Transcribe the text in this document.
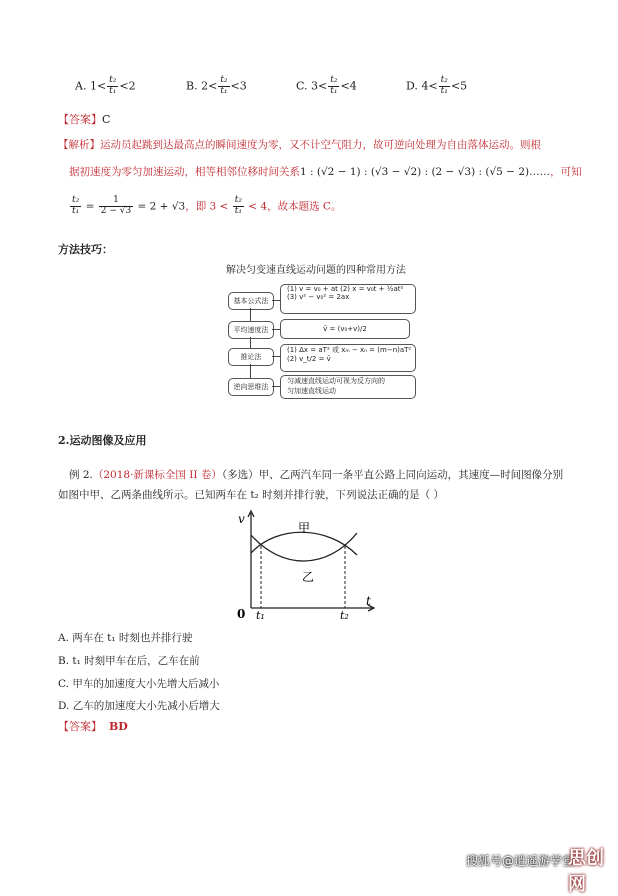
A. $1< \frac{\text{t₂}}{\text{t₁}} <2$	B. $2< \frac{\text{t₂}}{\text{t₁}} <3$	C. $3< \frac{\text{t₂}}{\text{t₁}} <4$	D. $4< \frac{\text{t₂}}{\text{t₁}} <5$
【答案】C
【解析】运动员起跳到达最高点的瞬间速度为零，又不计空气阻力，故可逆向处理为自由落体运动。则根
据初速度为零匀加速运动，相等相邻位移时间关系1 : (√2 − 1) : (√3 − √2) : (2 − √3) : (√5 − 2)……，可知
$\frac{\text{t₂}}{\text{t₁}} = \frac{1}{2 - √3} = 2 + √3$，即 $3 < \frac{\text{t₂}}{\text{t₁}} < 4$，故本题选 C。
方法技巧：
解决匀变速直线运动问题的四种常用方法
基本公式法
(1) v = v₀ + at (2) x = v₀t + ½at²
(3) v² − v₀² = 2ax
平均速度法	v̄ = (v₀+v)/2
推论法
(1) Δx = aT² 或 xₘ − xₙ = (m−n)aT²
(2) v_t/2 = v̄
逆向思维法
匀减速直线运动可视为反方向的
匀加速直线运动
2.运动图像及应用
例 2.（2018·新课标全国 II 卷）（多选）甲、乙两汽车同一条平直公路上同向运动，其速度—时间图像分别
如图中甲、乙两条曲线所示。已知两车在 t₂ 时刻并排行驶，下列说法正确的是（ ）
v
t
0
甲
乙
t₁	t₂
A. 两车在 t₁ 时刻也并排行驶
B. t₁ 时刻甲车在后，乙车在前
C. 甲车的加速度大小先增大后减小
D. 乙车的加速度大小先减小后增大
【答案】 BD
搜狐号@逍遥游学堂
思创网
